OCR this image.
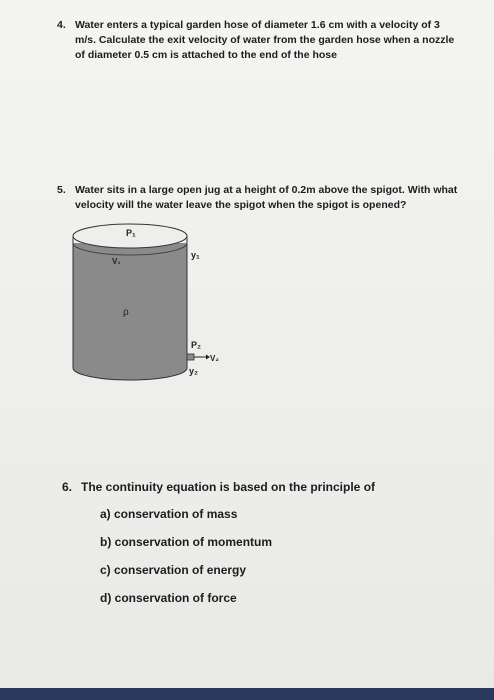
4. Water enters a typical garden hose of diameter 1.6 cm with a velocity of 3 m/s. Calculate the exit velocity of water from the garden hose when a nozzle of diameter 0.5 cm is attached to the end of the hose
5. Water sits in a large open jug at a height of 0.2m above the spigot. With what velocity will the water leave the spigot when the spigot is opened?
P₁
V₁
y₁
ρ
P₂
V₂
y₂
6. The continuity equation is based on the principle of
a) conservation of mass
b) conservation of momentum
c) conservation of energy
d) conservation of force
